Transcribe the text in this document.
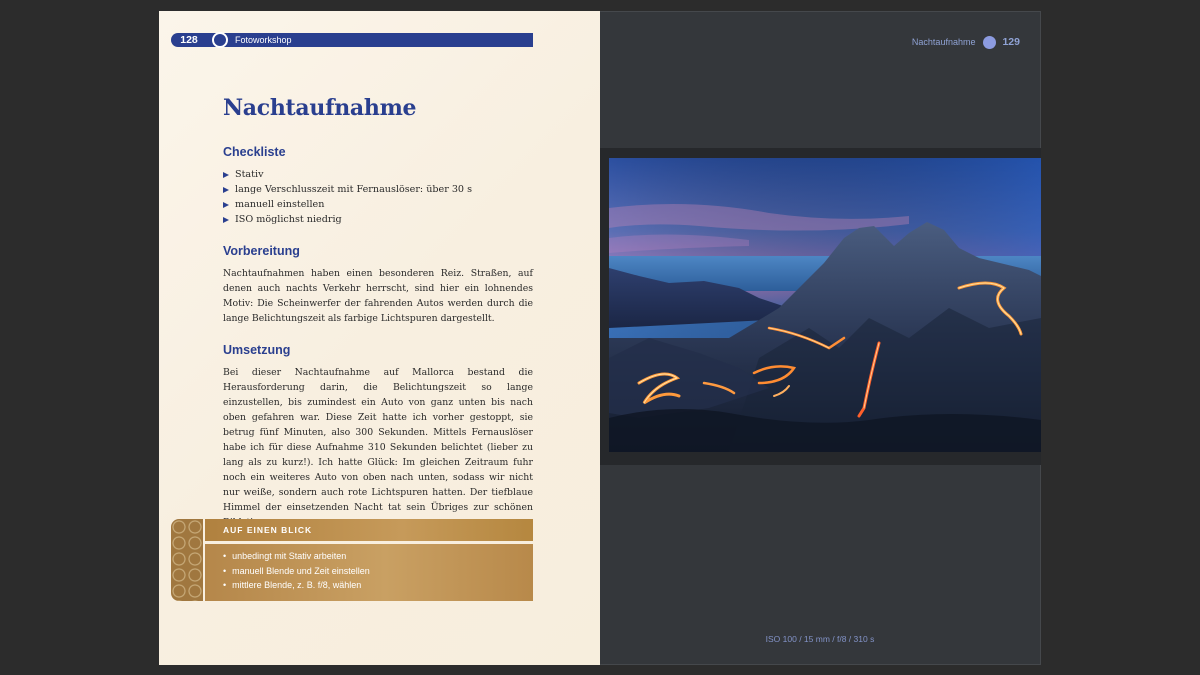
128	Fotoworkshop
Nachtaufnahme
Checkliste
Stativ
lange Verschlusszeit mit Fernauslöser: über 30 s
manuell einstellen
ISO möglichst niedrig
Vorbereitung

Nachtaufnahmen haben einen besonderen Reiz. Straßen, auf denen auch nachts Verkehr herrscht, sind hier ein lohnendes Motiv: Die Scheinwerfer der fahrenden Autos werden durch die lange Belichtungszeit als farbige Lichtspuren dargestellt.

Umsetzung

Bei dieser Nachtaufnahme auf Mallorca bestand die Herausforderung darin, die Belichtungszeit so lange einzustellen, bis zumindest ein Auto von ganz unten bis nach oben gefahren war. Diese Zeit hatte ich vorher gestoppt, sie betrug fünf Minuten, also 300 Sekunden. Mittels Fernauslöser habe ich für diese Aufnahme 310 Sekunden belichtet (lieber zu lang als zu kurz!). Ich hatte Glück: Im gleichen Zeitraum fuhr noch ein weiteres Auto von oben nach unten, sodass wir nicht nur weiße, sondern auch rote Lichtspuren hatten. Der tiefblaue Himmel der einsetzenden Nacht tat sein Übriges zur schönen

AUF EINEN BLICK
• unbedingt mit Stativ arbeiten
• manuell Blende und Zeit einstellen
• mittlere Blende, z. B. f/8, wählen
Nachtaufnahme	129
ISO 100 / 15 mm / f/8 / 310 s
